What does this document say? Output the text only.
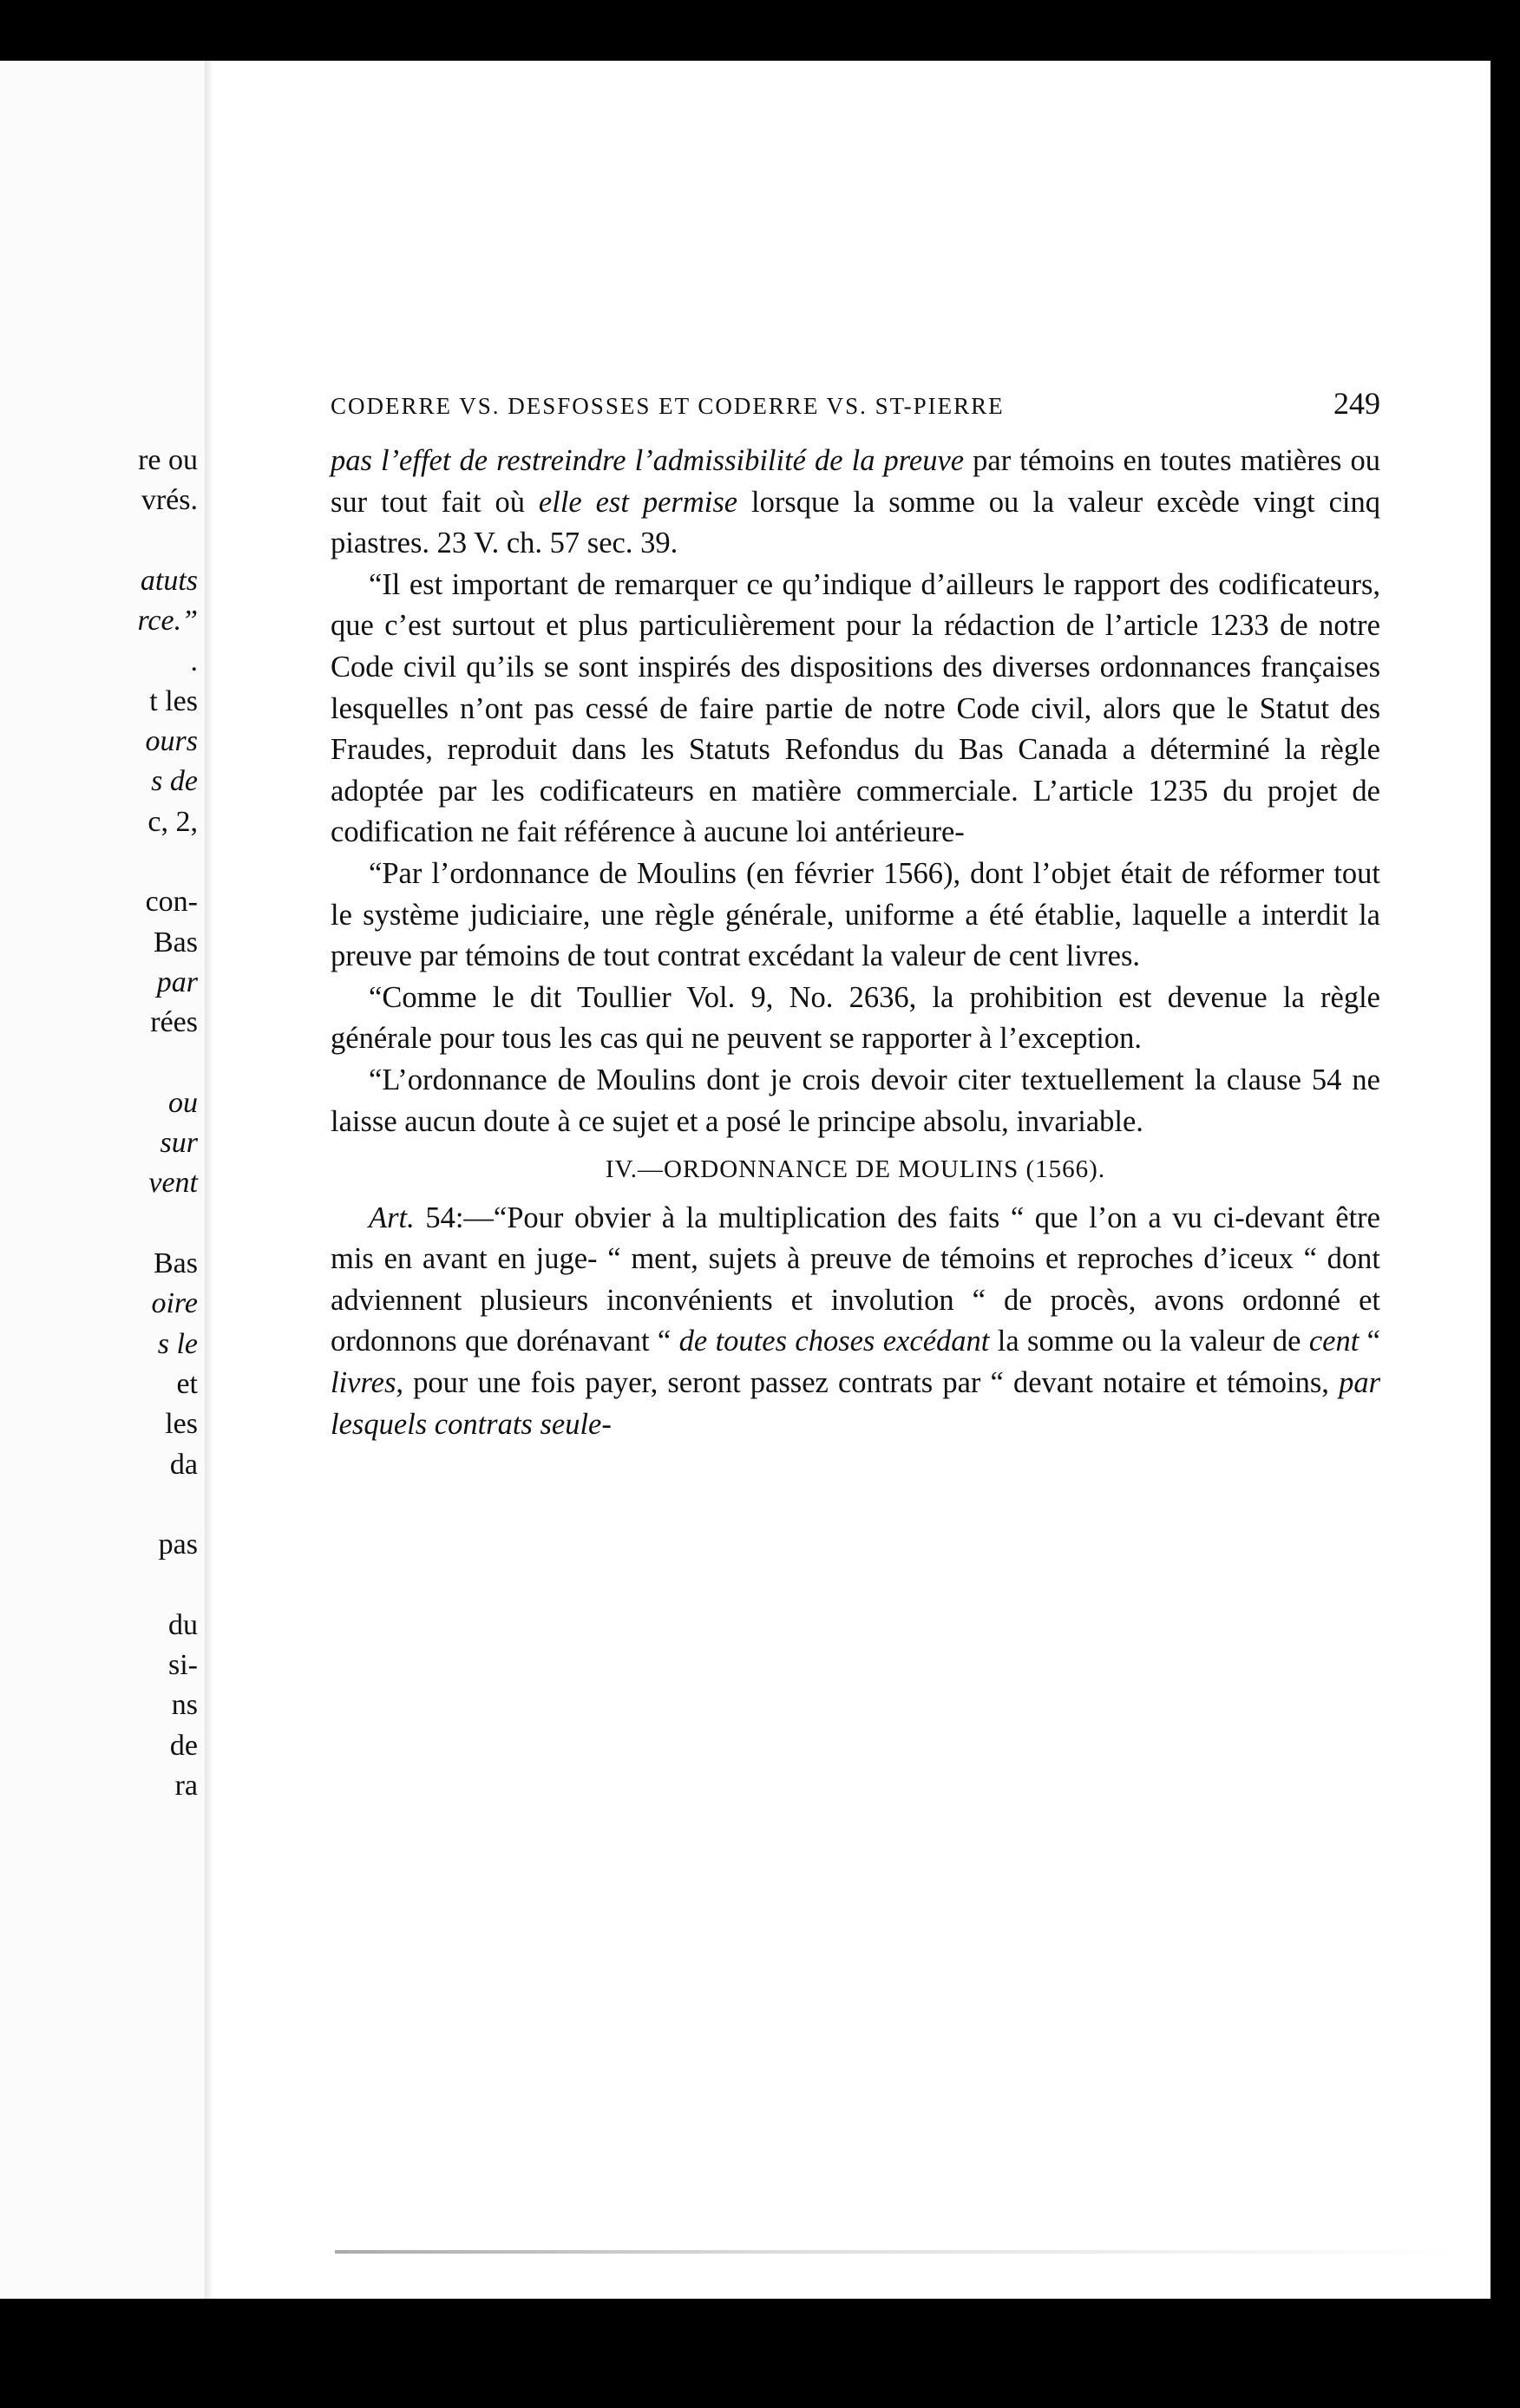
re ou
vrés.
atuts
rce.”
.
t les
ours
s de
c, 2,
con-
Bas
par
rées
ou
sur
vent
Bas
oire
s le
et
les
da
pas
du
si-
ns
de
ra
CODERRE VS. DESFOSSES ET CODERRE VS. ST-PIERRE	249

pas l’effet de restreindre l’admissibilité de la preuve par témoins en toutes matières ou sur tout fait où elle est permise lorsque la somme ou la valeur excède vingt cinq piastres. 23 V. ch. 57 sec. 39.

“Il est important de remarquer ce qu’indique d’ailleurs le rapport des codificateurs, que c’est surtout et plus particulièrement pour la rédaction de l’article 1233 de notre Code civil qu’ils se sont inspirés des dispositions des diverses ordonnances françaises lesquelles n’ont pas cessé de faire partie de notre Code civil, alors que le Statut des Fraudes, reproduit dans les Statuts Refondus du Bas Canada a déterminé la règle adoptée par les codificateurs en matière commerciale. L’article 1235 du projet de codification ne fait référence à aucune loi antérieure-

“Par l’ordonnance de Moulins (en février 1566), dont l’objet était de réformer tout le système judiciaire, une règle générale, uniforme a été établie, laquelle a interdit la preuve par témoins de tout contrat excédant la valeur de cent livres.

“Comme le dit Toullier Vol. 9, No. 2636, la prohibition est devenue la règle générale pour tous les cas qui ne peuvent se rapporter à l’exception.

“L’ordonnance de Moulins dont je crois devoir citer textuellement la clause 54 ne laisse aucun doute à ce sujet et a posé le principe absolu, invariable.

IV.—ORDONNANCE DE MOULINS (1566).

Art. 54:—“Pour obvier à la multiplication des faits “ que l’on a vu ci-devant être mis en avant en juge- “ ment, sujets à preuve de témoins et reproches d’iceux “ dont adviennent plusieurs inconvénients et involution “ de procès, avons ordonné et ordonnons que dorénavant “ de toutes choses excédant la somme ou la valeur de cent “ livres, pour une fois payer, seront passez contrats par “ devant notaire et témoins, par lesquels contrats seule-
